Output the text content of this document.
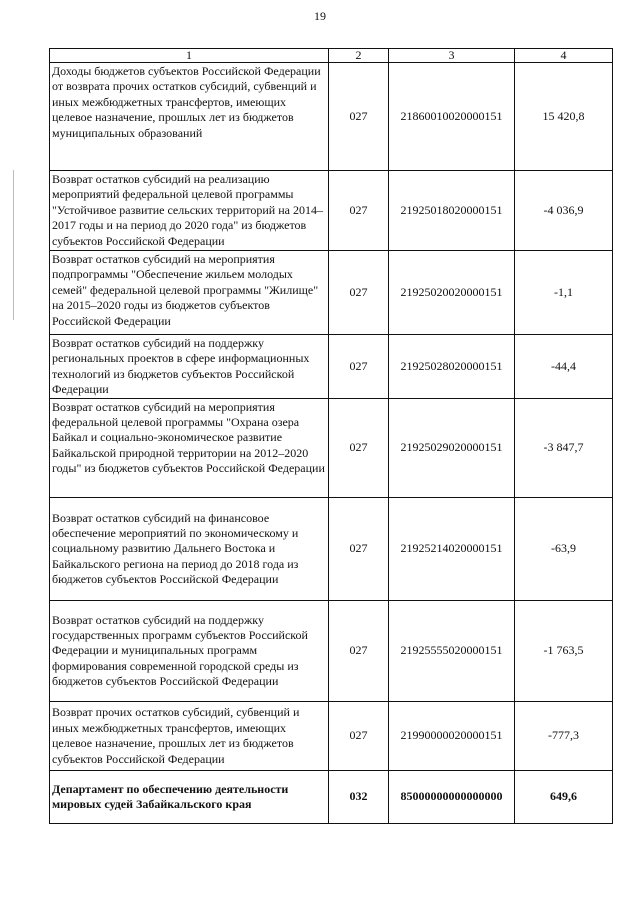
19
1	2	3	4
Доходы бюджетов субъектов Российской Федерации от возврата прочих остатков субсидий, субвенций и иных межбюджетных трансфертов, имеющих целевое назначение, прошлых лет из бюджетов муниципальных образований	027	21860010020000151	15 420,8
Возврат остатков субсидий на реализацию мероприятий федеральной целевой программы "Устойчивое развитие сельских территорий на 2014–2017 годы и на период до 2020 года" из бюджетов субъектов Российской Федерации	027	21925018020000151	-4 036,9
Возврат остатков субсидий на мероприятия подпрограммы "Обеспечение жильем молодых семей" федеральной целевой программы "Жилище" на 2015–2020 годы из бюджетов субъектов Российской Федерации	027	21925020020000151	-1,1
Возврат остатков субсидий на поддержку региональных проектов в сфере информационных технологий из бюджетов субъектов Российской Федерации	027	21925028020000151	-44,4
Возврат остатков субсидий на мероприятия федеральной целевой программы "Охрана озера Байкал и социально-экономическое развитие Байкальской природной территории на 2012–2020 годы" из бюджетов субъектов Российской Федерации	027	21925029020000151	-3 847,7
Возврат остатков субсидий на финансовое обеспечение мероприятий по экономическому и социальному развитию Дальнего Востока и Байкальского региона на период до 2018 года из бюджетов субъектов Российской Федерации	027	21925214020000151	-63,9
Возврат остатков субсидий на поддержку государственных программ субъектов Российской Федерации и муниципальных программ формирования современной городской среды из бюджетов субъектов Российской Федерации	027	21925555020000151	-1 763,5
Возврат прочих остатков субсидий, субвенций и иных межбюджетных трансфертов, имеющих целевое назначение, прошлых лет из бюджетов субъектов Российской Федерации	027	21990000020000151	-777,3
Департамент по обеспечению деятельности мировых судей Забайкальского края	032	85000000000000000	649,6
